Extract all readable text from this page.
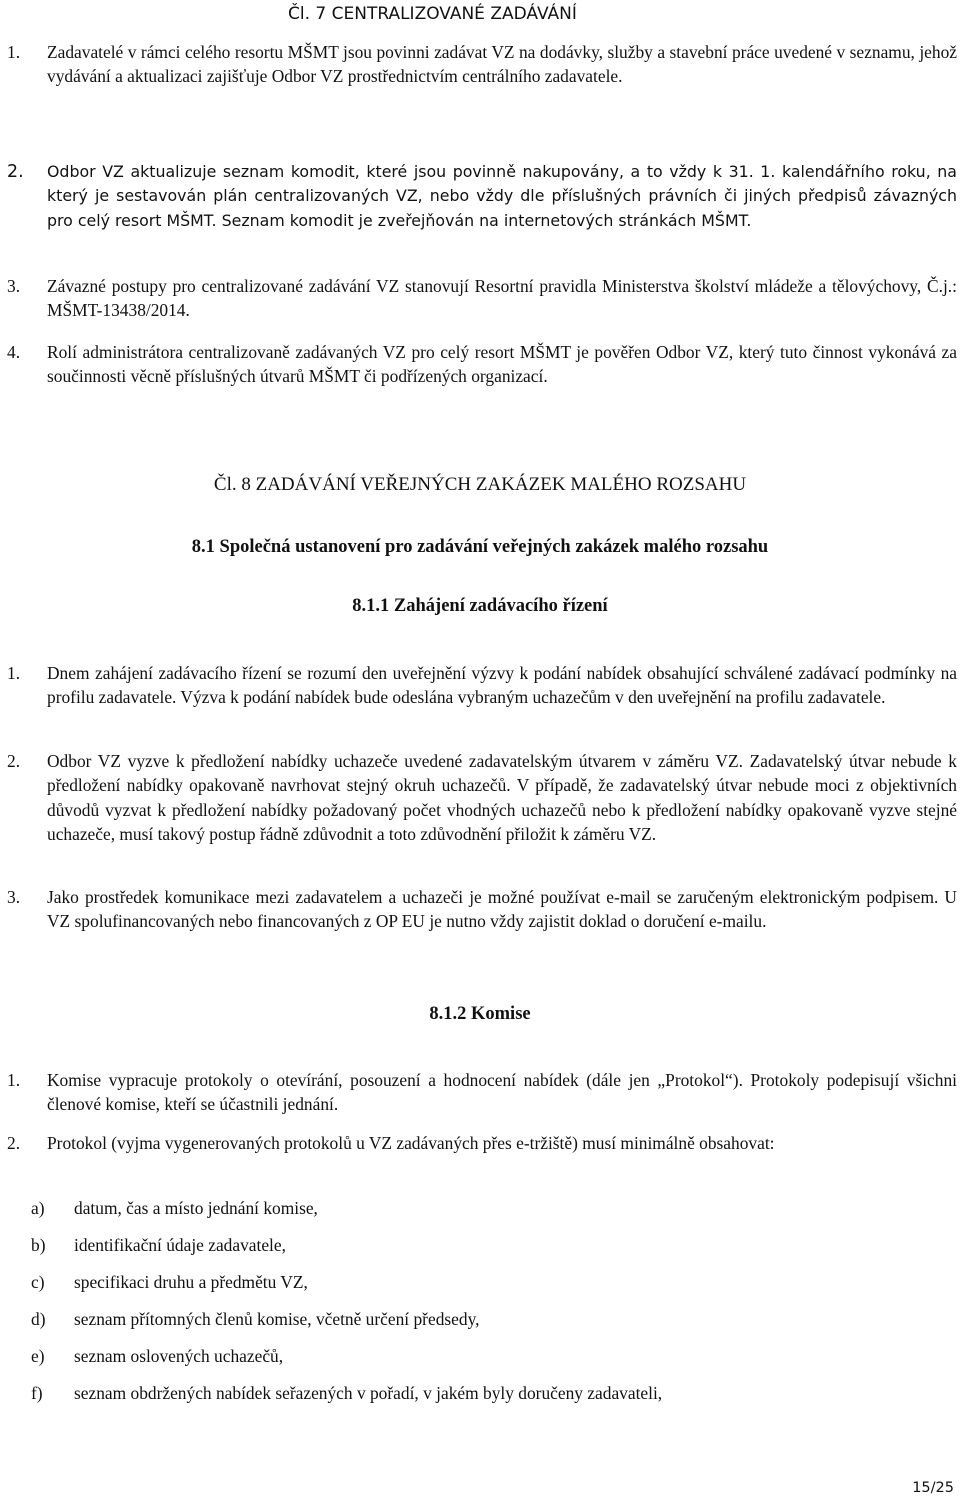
Čl. 7 CENTRALIZOVANÉ ZADÁVÁNÍ
1. Zadavatelé v rámci celého resortu MŠMT jsou povinni zadávat VZ na dodávky, služby a stavební práce uvedené v seznamu, jehož vydávání a aktualizaci zajišťuje Odbor VZ prostřednictvím centrálního zadavatele.
2. Odbor VZ aktualizuje seznam komodit, které jsou povinně nakupovány, a to vždy k 31. 1. kalendářního roku, na který je sestavován plán centralizovaných VZ, nebo vždy dle příslušných právních či jiných předpisů závazných pro celý resort MŠMT. Seznam komodit je zveřejňován na internetových stránkách MŠMT.
3. Závazné postupy pro centralizované zadávání VZ stanovují Resortní pravidla Ministerstva školství mládeže a tělovýchovy, Č.j.: MŠMT-13438/2014.
4. Rolí administrátora centralizovaně zadávaných VZ pro celý resort MŠMT je pověřen Odbor VZ, který tuto činnost vykonává za součinnosti věcně příslušných útvarů MŠMT či podřízených organizací.
Čl. 8 ZADÁVÁNÍ VEŘEJNÝCH ZAKÁZEK MALÉHO ROZSAHU
8.1 Společná ustanovení pro zadávání veřejných zakázek malého rozsahu
8.1.1 Zahájení zadávacího řízení
1. Dnem zahájení zadávacího řízení se rozumí den uveřejnění výzvy k podání nabídek obsahující schválené zadávací podmínky na profilu zadavatele. Výzva k podání nabídek bude odeslána vybraným uchazečům v den uveřejnění na profilu zadavatele.
2. Odbor VZ vyzve k předložení nabídky uchazeče uvedené zadavatelským útvarem v záměru VZ. Zadavatelský útvar nebude k předložení nabídky opakovaně navrhovat stejný okruh uchazečů. V případě, že zadavatelský útvar nebude moci z objektivních důvodů vyzvat k předložení nabídky požadovaný počet vhodných uchazečů nebo k předložení nabídky opakovaně vyzve stejné uchazeče, musí takový postup řádně zdůvodnit a toto zdůvodnění přiložit k záměru VZ.
3. Jako prostředek komunikace mezi zadavatelem a uchazeči je možné používat e-mail se zaručeným elektronickým podpisem. U VZ spolufinancovaných nebo financovaných z OP EU je nutno vždy zajistit doklad o doručení e-mailu.
8.1.2 Komise
1. Komise vypracuje protokoly o otevírání, posouzení a hodnocení nabídek (dále jen „Protokol“). Protokoly podepisují všichni členové komise, kteří se účastnili jednání.
2. Protokol (vyjma vygenerovaných protokolů u VZ zadávaných přes e-tržiště) musí minimálně obsahovat:
a) datum, čas a místo jednání komise,
b) identifikační údaje zadavatele,
c) specifikaci druhu a předmětu VZ,
d) seznam přítomných členů komise, včetně určení předsedy,
e) seznam oslovených uchazečů,
f) seznam obdržených nabídek seřazených v pořadí, v jakém byly doručeny zadavateli,
15/25
